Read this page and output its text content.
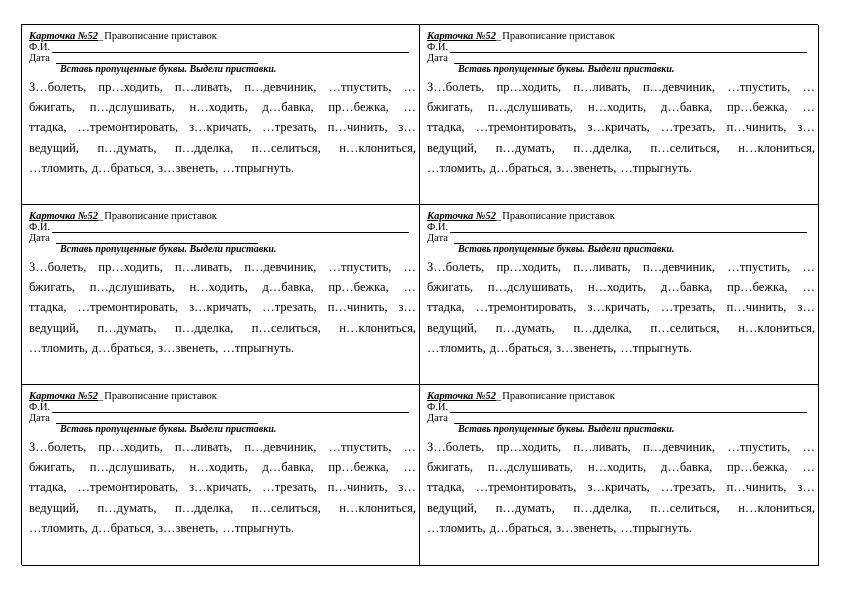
Карточка №52_Правописание приставок
Ф.И.
Дата
Вставь пропущенные буквы. Выдели приставки.
З…болеть, пр…ходить, п…ливать, п…девчиник, …тпустить, …
бжигать, п…дслушивать, н…ходить, д…бавка, пр…бежка, …
ттадка, …тремонтировать, з…кричать, …трезать, п…чинить, з…
ведущий, п…думать, п…дделка, п…селиться, н…клониться,
…тломить, д…браться, з…звенеть, …тпрыгнуть.
Карточка №52_Правописание приставок
Ф.И.
Дата
Вставь пропущенные буквы. Выдели приставки.
З…болеть, пр…ходить, п…ливать, п…девчиник, …тпустить, …
бжигать, п…дслушивать, н…ходить, д…бавка, пр…бежка, …
ттадка, …тремонтировать, з…кричать, …трезать, п…чинить, з…
ведущий, п…думать, п…дделка, п…селиться, н…клониться,
…тломить, д…браться, з…звенеть, …тпрыгнуть.
Карточка №52_Правописание приставок
Ф.И.
Дата
Вставь пропущенные буквы. Выдели приставки.
З…болеть, пр…ходить, п…ливать, п…девчиник, …тпустить, …
бжигать, п…дслушивать, н…ходить, д…бавка, пр…бежка, …
ттадка, …тремонтировать, з…кричать, …трезать, п…чинить, з…
ведущий, п…думать, п…дделка, п…селиться, н…клониться,
…тломить, д…браться, з…звенеть, …тпрыгнуть.
Карточка №52_Правописание приставок
Ф.И.
Дата
Вставь пропущенные буквы. Выдели приставки.
З…болеть, пр…ходить, п…ливать, п…девчиник, …тпустить, …
бжигать, п…дслушивать, н…ходить, д…бавка, пр…бежка, …
ттадка, …тремонтировать, з…кричать, …трезать, п…чинить, з…
ведущий, п…думать, п…дделка, п…селиться, н…клониться,
…тломить, д…браться, з…звенеть, …тпрыгнуть.
Карточка №52_Правописание приставок
Ф.И.
Дата
Вставь пропущенные буквы. Выдели приставки.
З…болеть, пр…ходить, п…ливать, п…девчиник, …тпустить, …
бжигать, п…дслушивать, н…ходить, д…бавка, пр…бежка, …
ттадка, …тремонтировать, з…кричать, …трезать, п…чинить, з…
ведущий, п…думать, п…дделка, п…селиться, н…клониться,
…тломить, д…браться, з…звенеть, …тпрыгнуть.
Карточка №52_Правописание приставок
Ф.И.
Дата
Вставь пропущенные буквы. Выдели приставки.
З…болеть, пр…ходить, п…ливать, п…девчиник, …тпустить, …
бжигать, п…дслушивать, н…ходить, д…бавка, пр…бежка, …
ттадка, …тремонтировать, з…кричать, …трезать, п…чинить, з…
ведущий, п…думать, п…дделка, п…селиться, н…клониться,
…тломить, д…браться, з…звенеть, …тпрыгнуть.
